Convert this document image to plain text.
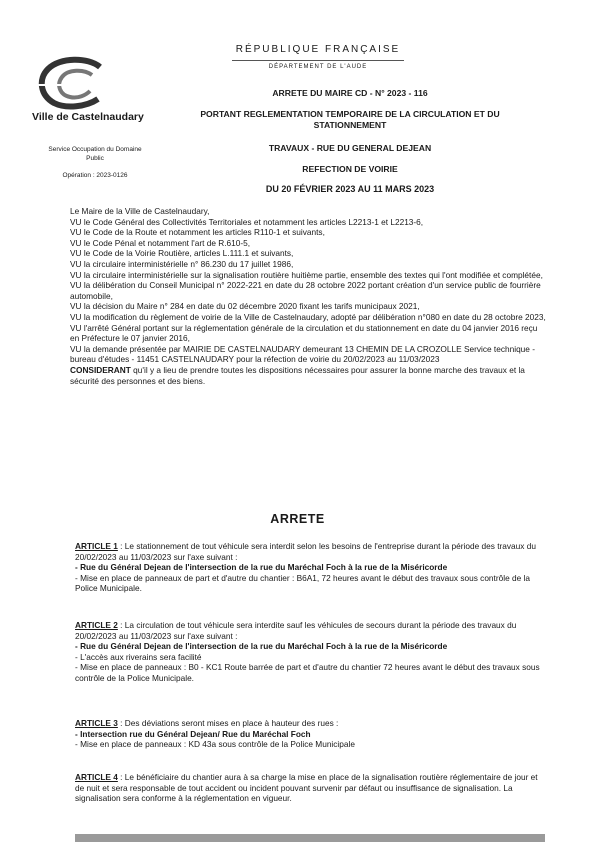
Ville de Castelnaudary
Service Occupation du Domaine Public
Opération : 2023-0126
RÉPUBLIQUE FRANÇAISE
DÉPARTEMENT DE L'AUDE
ARRETE DU MAIRE CD - N° 2023 - 116
PORTANT REGLEMENTATION TEMPORAIRE DE LA CIRCULATION ET DU STATIONNEMENT
TRAVAUX - RUE DU GENERAL DEJEAN
REFECTION DE VOIRIE
DU 20 FÉVRIER 2023 AU 11 MARS 2023

Le Maire de la Ville de Castelnaudary,

VU le Code Général des Collectivités Territoriales et notamment les articles L2213-1 et L2213-6,

VU le Code de la Route et notamment les articles R110-1 et suivants,

VU le Code Pénal et notamment l'art de R.610-5,

VU le Code de la Voirie Routière, articles L.111.1 et suivants,

VU la circulaire interministérielle n° 86.230 du 17 juillet 1986,

VU la circulaire interministérielle sur la signalisation routière huitième partie, ensemble des textes qui l'ont modifiée et complétée,

VU la délibération du Conseil Municipal n° 2022-221 en date du 28 octobre 2022 portant création d'un service public de fourrière automobile,

VU la décision du Maire n° 284 en date du 02 décembre 2020 fixant les tarifs municipaux 2021,

VU la modification du règlement de voirie de la Ville de Castelnaudary, adopté par délibération n°080 en date du 28 octobre 2023,

VU l'arrêté Général portant sur la réglementation générale de la circulation et du stationnement en date du 04 janvier 2016 reçu en Préfecture le 07 janvier 2016,

VU la demande présentée par MAIRIE DE CASTELNAUDARY demeurant 13 CHEMIN DE LA CROZOLLE Service technique - bureau d'études - 11451 CASTELNAUDARY pour la réfection de voirie du 20/02/2023 au 11/03/2023

CONSIDERANT qu'il y a lieu de prendre toutes les dispositions nécessaires pour assurer la bonne marche des travaux et la sécurité des personnes et des biens.

ARRETE

ARTICLE 1 : Le stationnement de tout véhicule sera interdit selon les besoins de l'entreprise durant la période des travaux du 20/02/2023 au 11/03/2023 sur l'axe suivant :

- Rue du Général Dejean de l'intersection de la rue du Maréchal Foch à la rue de la Miséricorde

- Mise en place de panneaux de part et d'autre du chantier : B6A1, 72 heures avant le début des travaux sous contrôle de la Police Municipale.

ARTICLE 2 : La circulation de tout véhicule sera interdite sauf les véhicules de secours durant la période des travaux du 20/02/2023 au 11/03/2023 sur l'axe suivant :

- Rue du Général Dejean de l'intersection de la rue du Maréchal Foch à la rue de la Miséricorde

- L'accès aux riverains sera facilité

- Mise en place de panneaux : B0 - KC1 Route barrée de part et d'autre du chantier 72 heures avant le début des travaux sous contrôle de la Police Municipale.

ARTICLE 3 : Des déviations seront mises en place à hauteur des rues :

- Intersection rue du Général Dejean/ Rue du Maréchal Foch

- Mise en place de panneaux : KD 43a sous contrôle de la Police Municipale

ARTICLE 4 : Le bénéficiaire du chantier aura à sa charge la mise en place de la signalisation routière réglementaire de jour et de nuit et sera responsable de tout accident ou incident pouvant survenir par défaut ou insuffisance de signalisation. La signalisation sera conforme à la réglementation en vigueur.
